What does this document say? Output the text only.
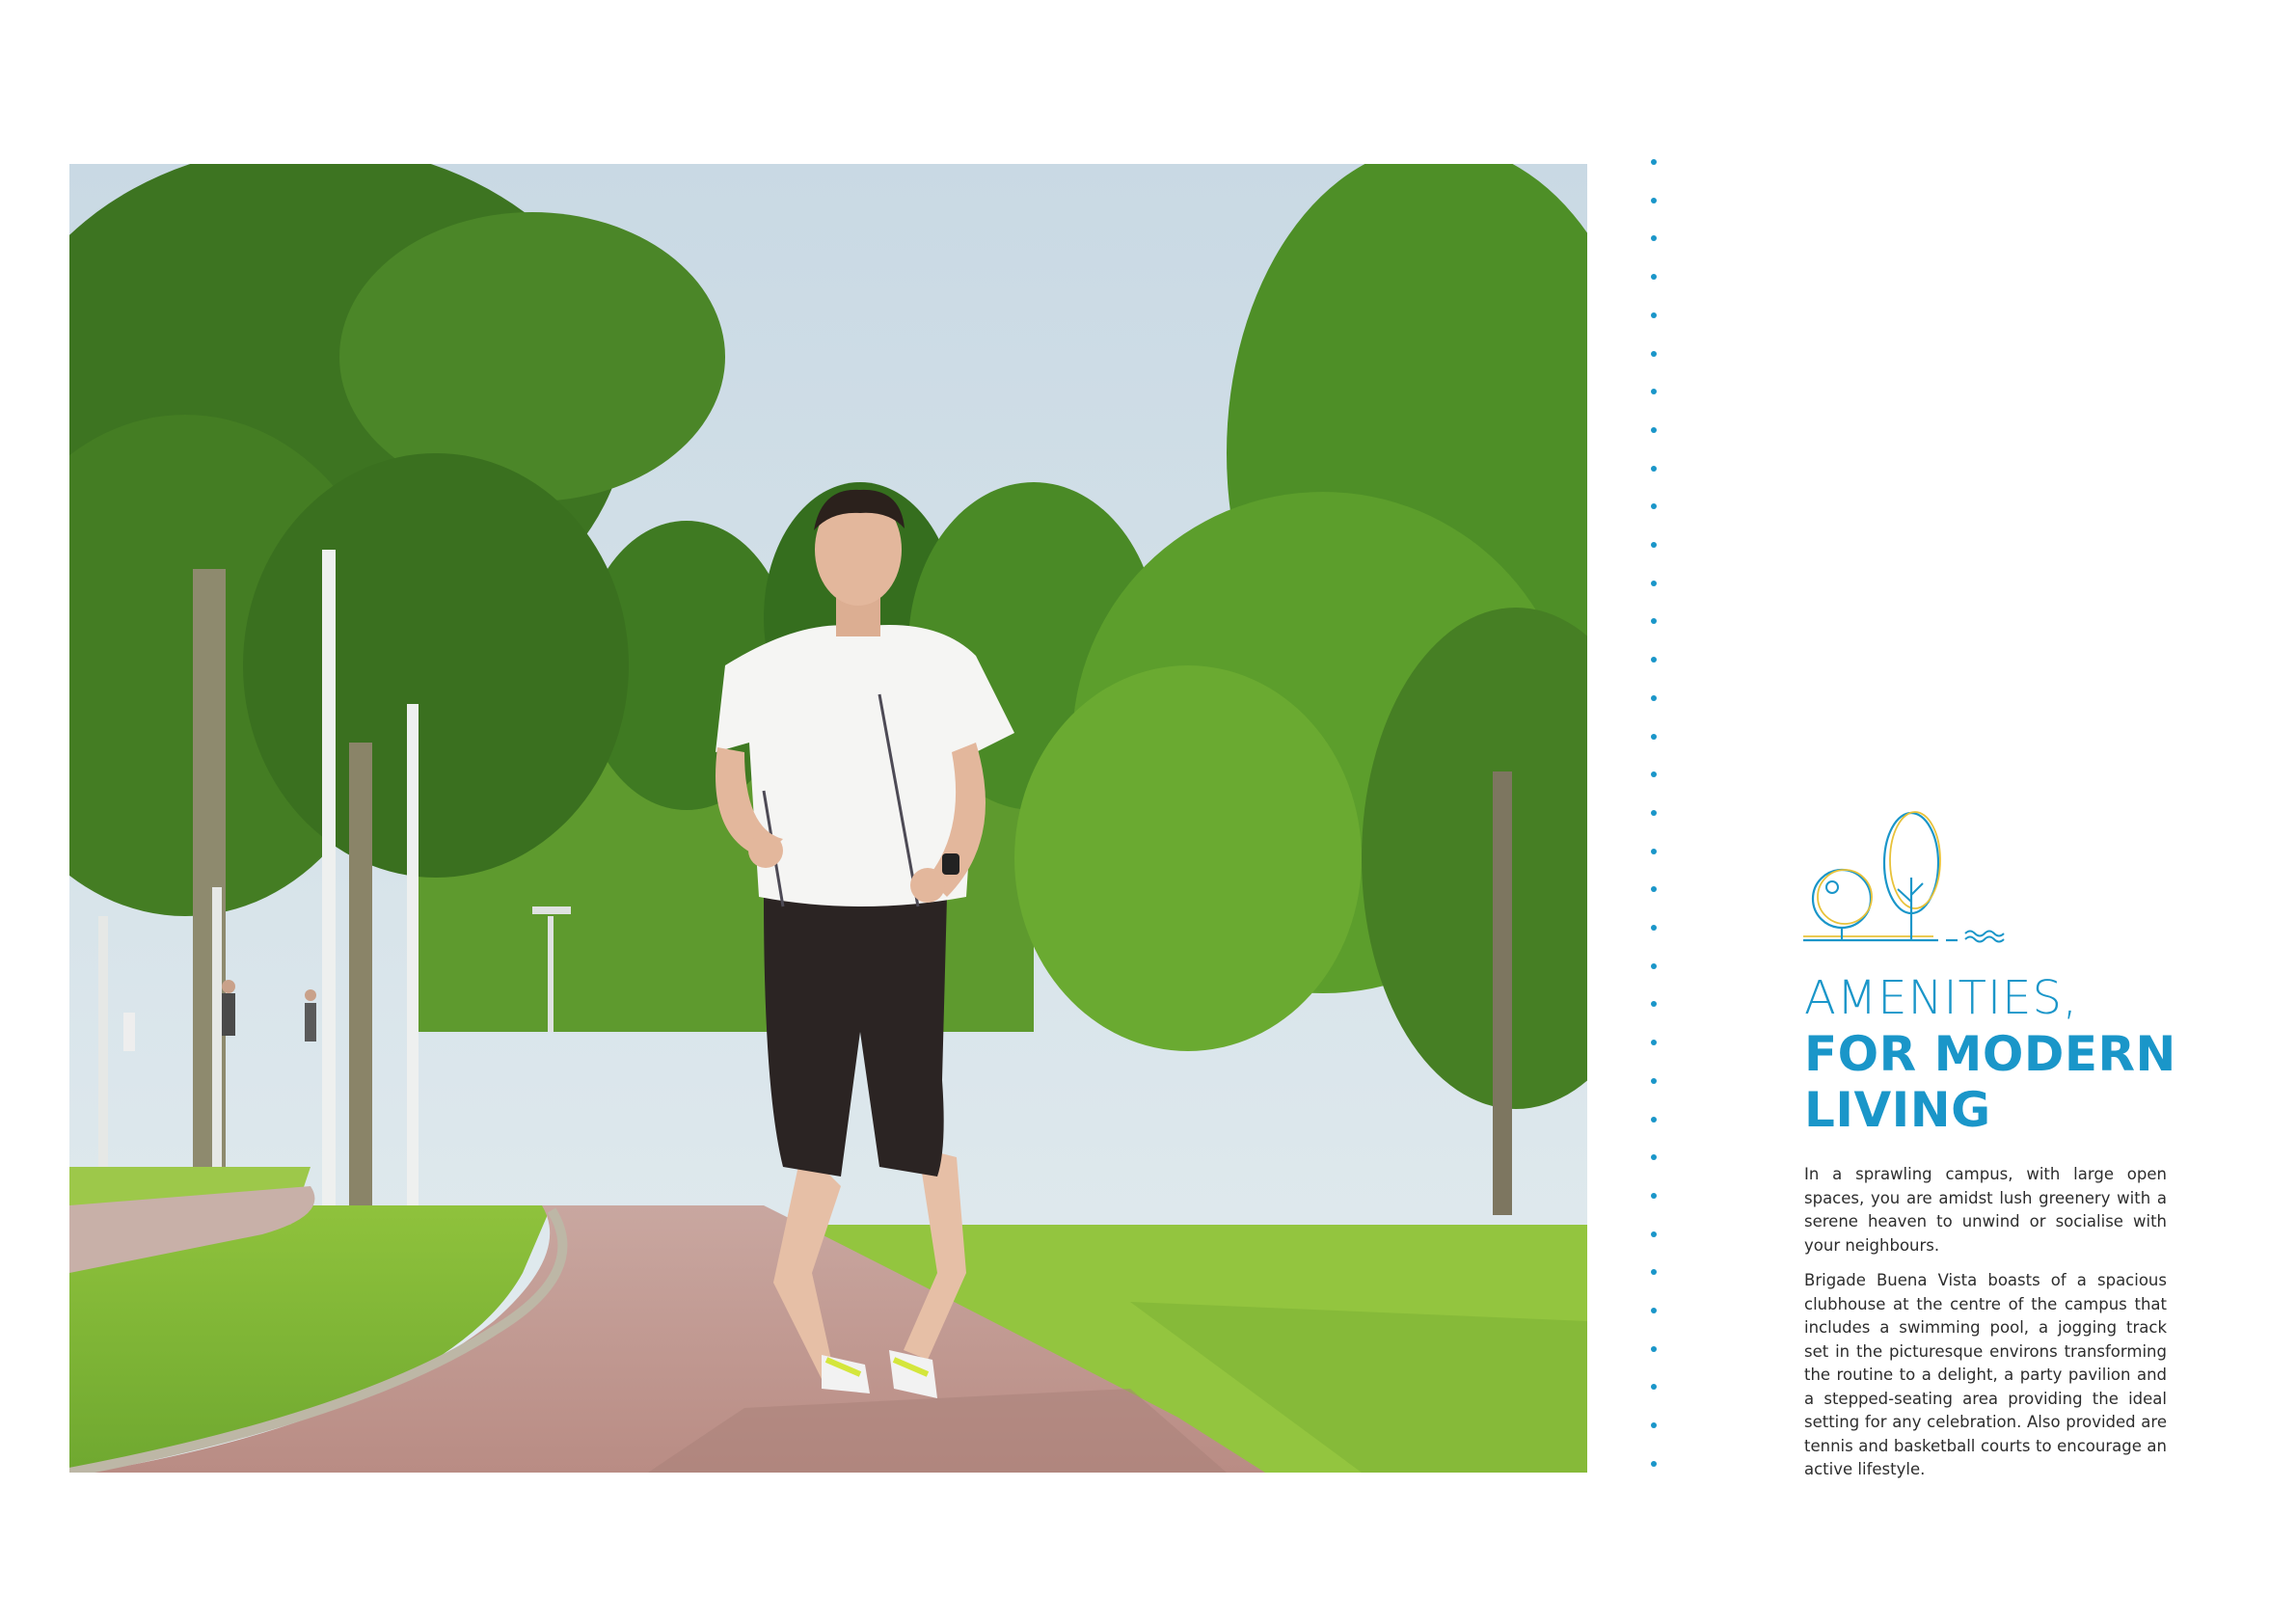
AMENITIES,
FOR MODERN
LIVING

In a sprawling campus, with large open spaces, you are amidst lush greenery with a serene heaven to unwind or socialise with your neighbours.

Brigade Buena Vista boasts of a spacious clubhouse at the centre of the campus that includes a swimming pool, a jogging track set in the picturesque environs transforming the routine to a delight, a party pavilion and a stepped-seating area providing the ideal setting for any celebration. Also provided are tennis and basketball courts to encourage an active lifestyle.
